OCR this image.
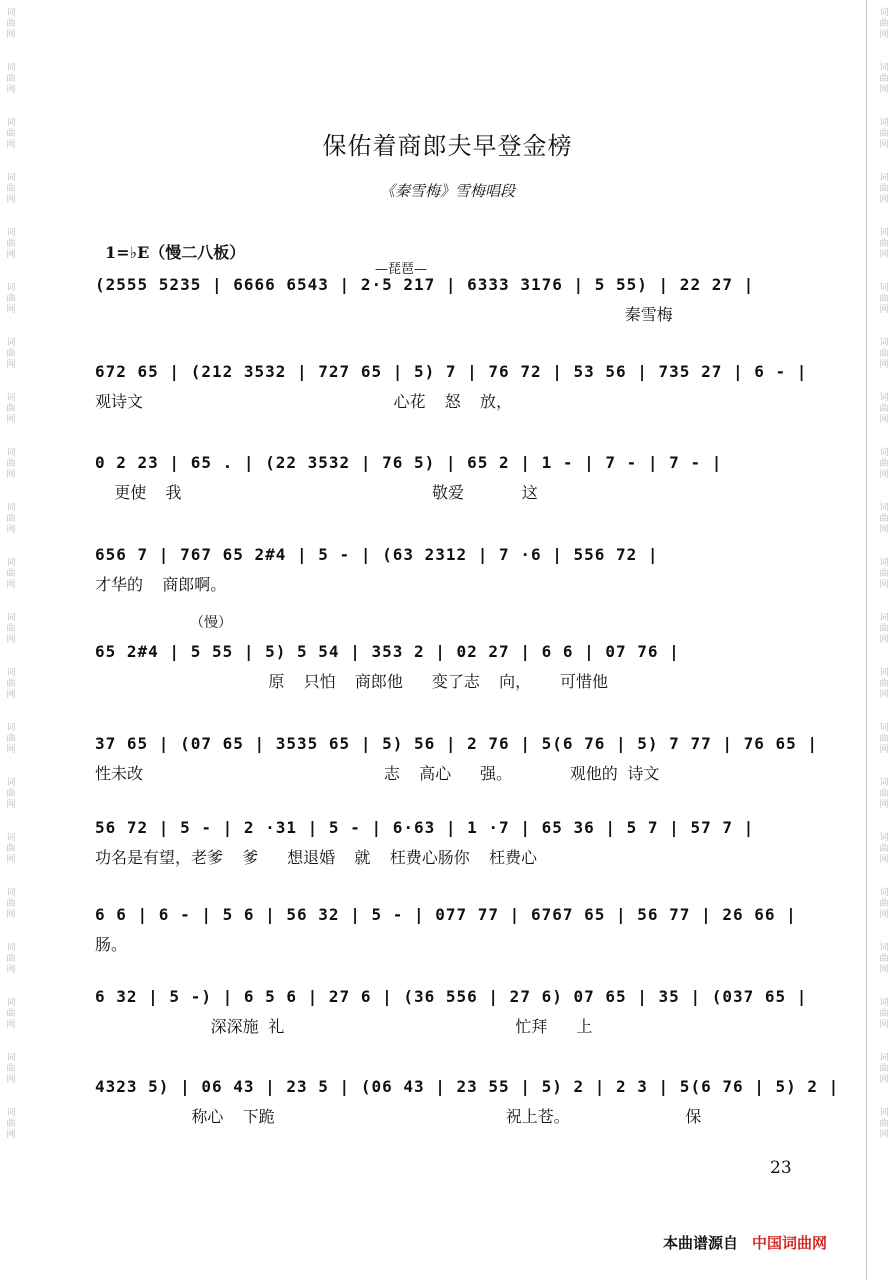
词
曲
网
词
曲
网
词
曲
网
词
曲
网
词
曲
网
词
曲
网
词
曲
网
词
曲
网
词
曲
网
词
曲
网
词
曲
网
词
曲
网
词
曲
网
词
曲
网
词
曲
网
词
曲
网
词
曲
网
词
曲
网
词
曲
网
词
曲
网
词
曲
网
词
曲
网
词
曲
网
词
曲
网
词
曲
网
词
曲
网
词
曲
网
词
曲
网
词
曲
网
词
曲
网
词
曲
网
词
曲
网
词
曲
网
词
曲
网
词
曲
网
词
曲
网
词
曲
网
词
曲
网
词
曲
网
词
曲
网
词
曲
网
词
曲
网
保佑着商郎夫早登金榜
《秦雪梅》雪梅唱段
1=♭E（慢二八板）
—琵琶—
（慢）
(2555 5235 | 6666 6543 | 2·5 217 | 6333 3176 | 5 55) | 22 27 |
秦雪梅
672 65 | (212 3532 | 727 65 | 5) 7 | 76 72 | 53 56 | 735 27 | 6 - |
观诗文                          心花  怒  放，
0 2 23 | 65 . | (22 3532 | 76 5) | 65 2 | 1 - | 7 - | 7 - |
更使  我                          敬爱      这
656 7 | 767 65 2#4 | 5 - | (63 2312 | 7 ·6 | 556 72 |
才华的  商郎啊。
65 2#4 | 5 55 | 5) 5 54 | 353 2 | 02 27 | 6 6 | 07 76 |
原  只怕  商郎他   变了志  向，   可惜他
37 65 | (07 65 | 3535 65 | 5) 56 | 2 76 | 5(6 76 | 5) 7 77 | 76 65 |
性未改                         志  高心   强。      观他的 诗文
56 72 | 5 - | 2 ·31 | 5 - | 6·63 | 1 ·7 | 65 36 | 5 7 | 57 7 |
功名是有望，老爹  爹   想退婚  就  枉费心肠你  枉费心
6 6 | 6 - | 5 6 | 56 32 | 5 - | 077 77 | 6767 65 | 56 77 | 26 66 |
肠。
6 32 | 5 -) | 6 5 6 | 27 6 | (36 556 | 27 6) 07 65 | 35 | (037 65 |
深深施 礼                        忙拜   上
4323 5) | 06 43 | 23 5 | (06 43 | 23 55 | 5) 2 | 2 3 | 5(6 76 | 5) 2 |
称心  下跪                        祝上苍。            保
23
本曲谱源自 中国词曲网
